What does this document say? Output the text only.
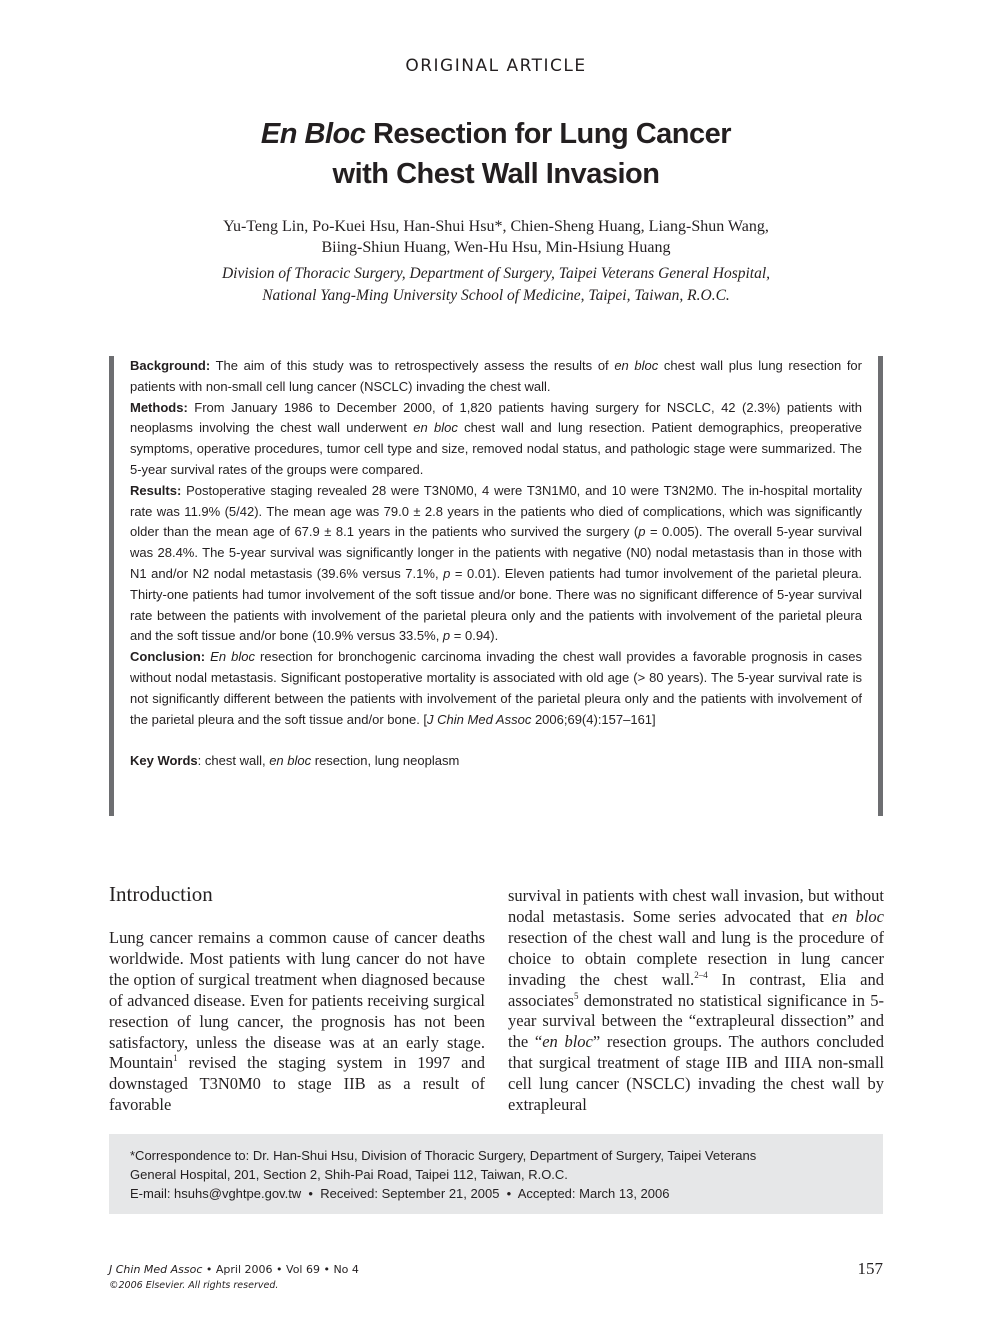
ORIGINAL ARTICLE
En Bloc Resection for Lung Cancer
with Chest Wall Invasion
Yu-Teng Lin, Po-Kuei Hsu, Han-Shui Hsu*, Chien-Sheng Huang, Liang-Shun Wang,
Biing-Shiun Huang, Wen-Hu Hsu, Min-Hsiung Huang
Division of Thoracic Surgery, Department of Surgery, Taipei Veterans General Hospital,
National Yang-Ming University School of Medicine, Taipei, Taiwan, R.O.C.

Background: The aim of this study was to retrospectively assess the results of en bloc chest wall plus lung resection for patients with non-small cell lung cancer (NSCLC) invading the chest wall.

Methods: From January 1986 to December 2000, of 1,820 patients having surgery for NSCLC, 42 (2.3%) patients with neoplasms involving the chest wall underwent en bloc chest wall and lung resection. Patient demographics, preoperative symptoms, operative procedures, tumor cell type and size, removed nodal status, and pathologic stage were summarized. The 5-year survival rates of the groups were compared.

Results: Postoperative staging revealed 28 were T3N0M0, 4 were T3N1M0, and 10 were T3N2M0. The in-hospital mortality rate was 11.9% (5/42). The mean age was 79.0 ± 2.8 years in the patients who died of complications, which was significantly older than the mean age of 67.9 ± 8.1 years in the patients who survived the surgery (p = 0.005). The overall 5-year survival was 28.4%. The 5-year survival was significantly longer in the patients with negative (N0) nodal metastasis than in those with N1 and/or N2 nodal metastasis (39.6% versus 7.1%, p = 0.01). Eleven patients had tumor involvement of the parietal pleura. Thirty-one patients had tumor involvement of the soft tissue and/or bone. There was no significant difference of 5-year survival rate between the patients with involvement of the parietal pleura only and the patients with involvement of the parietal pleura and the soft tissue and/or bone (10.9% versus 33.5%, p = 0.94).

Conclusion: En bloc resection for bronchogenic carcinoma invading the chest wall provides a favorable prognosis in cases without nodal metastasis. Significant postoperative mortality is associated with old age (> 80 years). The 5-year survival rate is not significantly different between the patients with involvement of the parietal pleura only and the patients with involvement of the parietal pleura and the soft tissue and/or bone. [J Chin Med Assoc 2006;69(4):157–161]

Key Words: chest wall, en bloc resection, lung neoplasm

Introduction

Lung cancer remains a common cause of cancer deaths worldwide. Most patients with lung cancer do not have the option of surgical treatment when diagnosed because of advanced disease. Even for patients receiving surgical resection of lung cancer, the prognosis has not been satisfactory, unless the disease was at an early stage. Mountain$^1$ revised the staging system in 1997 and downstaged T3N0M0 to stage IIB as a result of favorable

survival in patients with chest wall invasion, but without nodal metastasis. Some series advocated that en bloc resection of the chest wall and lung is the procedure of choice to obtain complete resection in lung cancer invading the chest wall.$^{2-4}$ In contrast, Elia and associates$^5$ demonstrated no statistical significance in 5-year survival between the “extrapleural dissection” and the “en bloc” resection groups. The authors concluded that surgical treatment of stage IIB and IIIA non-small cell lung cancer (NSCLC) invading the chest wall by extrapleural

*Correspondence to: Dr. Han-Shui Hsu, Division of Thoracic Surgery, Department of Surgery, Taipei Veterans

General Hospital, 201, Section 2, Shih-Pai Road, Taipei 112, Taiwan, R.O.C.

E-mail: hsuhs@vghtpe.gov.tw  •  Received: September 21, 2005  •  Accepted: March 13, 2006

J Chin Med Assoc • April 2006 • Vol 69 • No 4
©2006 Elsevier. All rights reserved.
157
